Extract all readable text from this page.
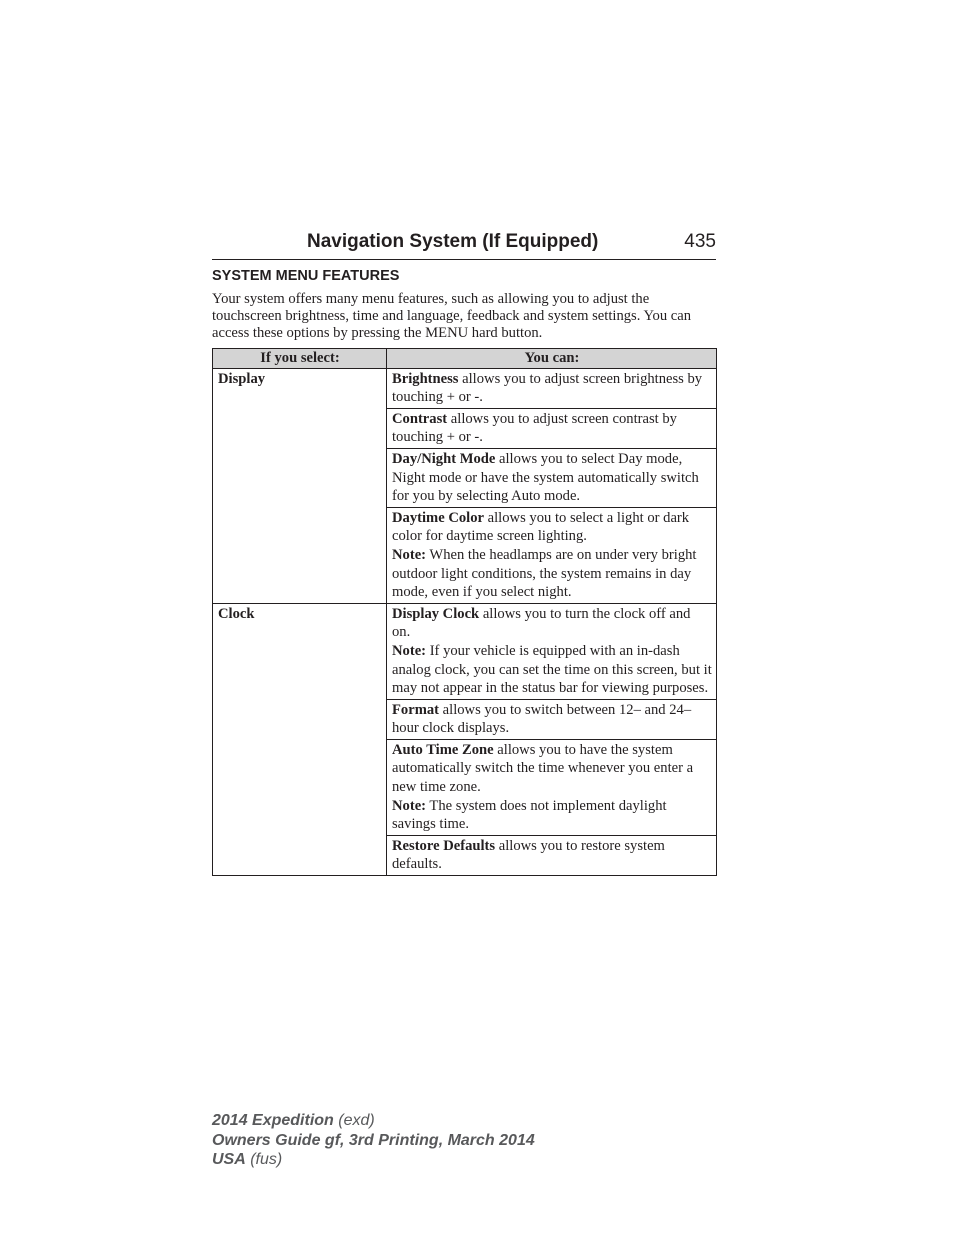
Navigation System (If Equipped)	435
SYSTEM MENU FEATURES

Your system offers many menu features, such as allowing you to adjust the touchscreen brightness, time and language, feedback and system settings. You can access these options by pressing the MENU hard button.

If you select:	You can:
Display	Brightness allows you to adjust screen brightness by touching + or -.
	Contrast allows you to adjust screen contrast by touching + or -.
	Day/Night Mode allows you to select Day mode, Night mode or have the system automatically switch for you by selecting Auto mode.

	Daytime Color allows you to select a light or dark color for daytime screen lighting.
Note: When the headlamps are on under very bright outdoor light conditions, the system remains in day mode, even if you select night.

Clock	Display Clock allows you to turn the clock off and on.
Note: If your vehicle is equipped with an in-dash analog clock, you can set the time on this screen, but it may not appear in the status bar for viewing purposes.

	Format allows you to switch between 12– and 24–hour clock displays.

	Auto Time Zone allows you to have the system automatically switch the time whenever you enter a new time zone.
Note: The system does not implement daylight savings time.

	Restore Defaults allows you to restore system defaults.
2014 Expedition (exd)
Owners Guide gf, 3rd Printing, March 2014
USA (fus)
